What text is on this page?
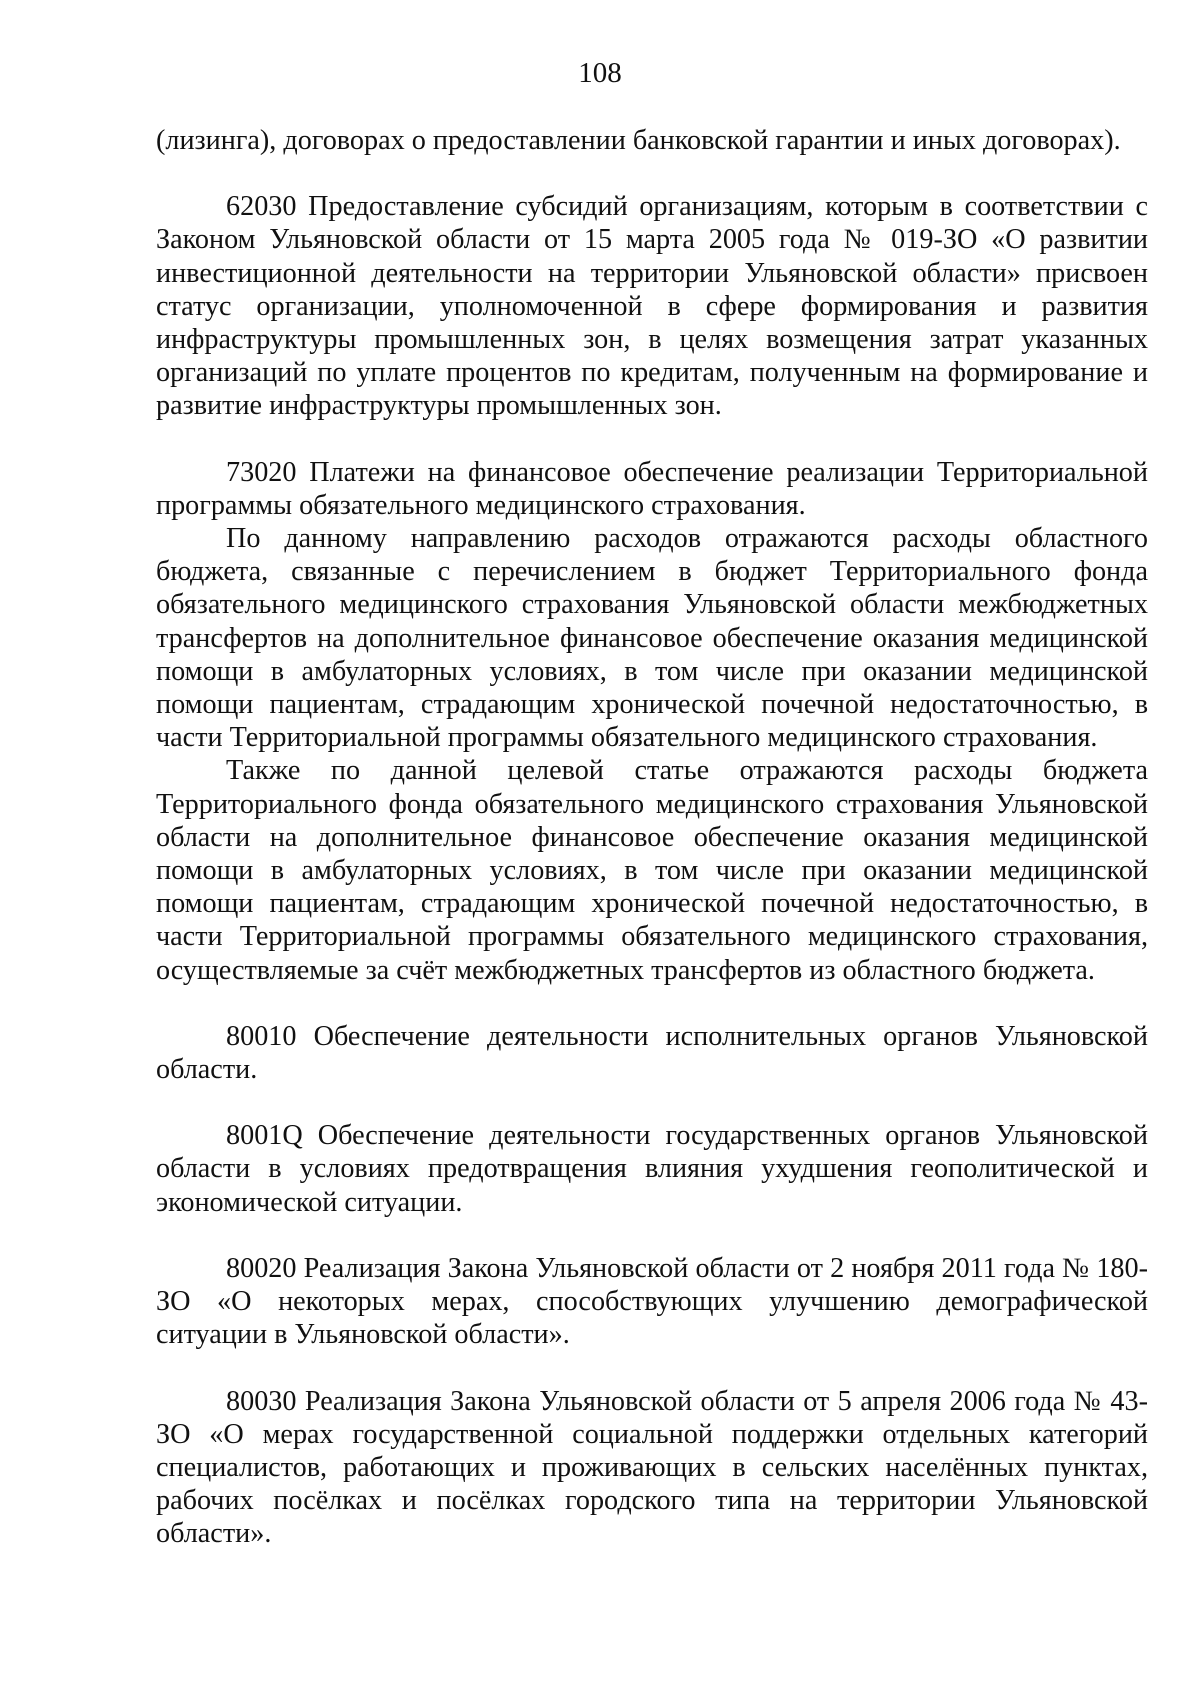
108

(лизинга), договорах о предоставлении банковской гарантии и иных договорах).

62030 Предоставление субсидий организациям, которым в соответствии с Законом Ульяновской области от 15 марта 2005 года № 019-ЗО «О развитии инвестиционной деятельности на территории Ульяновской области» присвоен статус организации, уполномоченной в сфере формирования и развития инфраструктуры промышленных зон, в целях возмещения затрат указанных организаций по уплате процентов по кредитам, полученным на формирование и развитие инфраструктуры промышленных зон.

73020 Платежи на финансовое обеспечение реализации Территориальной программы обязательного медицинского страхования.

По данному направлению расходов отражаются расходы областного бюджета, связанные с перечислением в бюджет Территориального фонда обязательного медицинского страхования Ульяновской области межбюджетных трансфертов на дополнительное финансовое обеспечение оказания медицинской помощи в амбулаторных условиях, в том числе при оказании медицинской помощи пациентам, страдающим хронической почечной недостаточностью, в части Территориальной программы обязательного медицинского страхования.

Также по данной целевой статье отражаются расходы бюджета Территориального фонда обязательного медицинского страхования Ульяновской области на дополнительное финансовое обеспечение оказания медицинской помощи в амбулаторных условиях, в том числе при оказании медицинской помощи пациентам, страдающим хронической почечной недостаточностью, в части Территориальной программы обязательного медицинского страхования, осуществляемые за счёт межбюджетных трансфертов из областного бюджета.

80010 Обеспечение деятельности исполнительных органов Ульяновской области.

8001Q Обеспечение деятельности государственных органов Ульяновской области в условиях предотвращения влияния ухудшения геополитической и экономической ситуации.

80020 Реализация Закона Ульяновской области от 2 ноября 2011 года № 180-ЗО «О некоторых мерах, способствующих улучшению демографической ситуации в Ульяновской области».

80030 Реализация Закона Ульяновской области от 5 апреля 2006 года № 43-ЗО «О мерах государственной социальной поддержки отдельных категорий специалистов, работающих и проживающих в сельских населённых пунктах, рабочих посёлках и посёлках городского типа на территории Ульяновской области».
